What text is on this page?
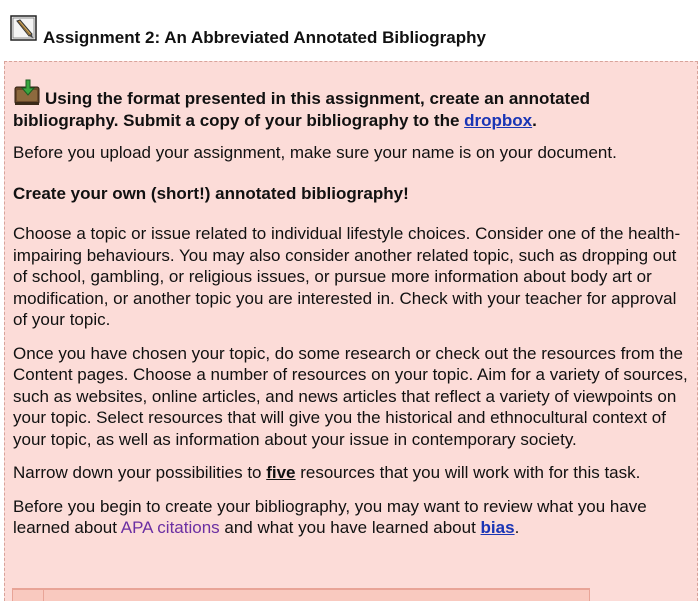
Assignment 2: An Abbreviated Annotated Bibliography

Using the format presented in this assignment, create an annotated bibliography. Submit a copy of your bibliography to the dropbox.

Before you upload your assignment, make sure your name is on your document.

Create your own (short!) annotated bibliography!

Choose a topic or issue related to individual lifestyle choices. Consider one of the health-impairing behaviours. You may also consider another related topic, such as dropping out of school, gambling, or religious issues, or pursue more information about body art or modification, or another topic you are interested in. Check with your teacher for approval of your topic.

Once you have chosen your topic, do some research or check out the resources from the Content pages. Choose a number of resources on your topic. Aim for a variety of sources, such as websites, online articles, and news articles that reflect a variety of viewpoints on your topic. Select resources that will give you the historical and ethnocultural context of your topic, as well as information about your issue in contemporary society.

Narrow down your possibilities to five resources that you will work with for this task.

Before you begin to create your bibliography, you may want to review what you have learned about APA citations and what you have learned about bias.
